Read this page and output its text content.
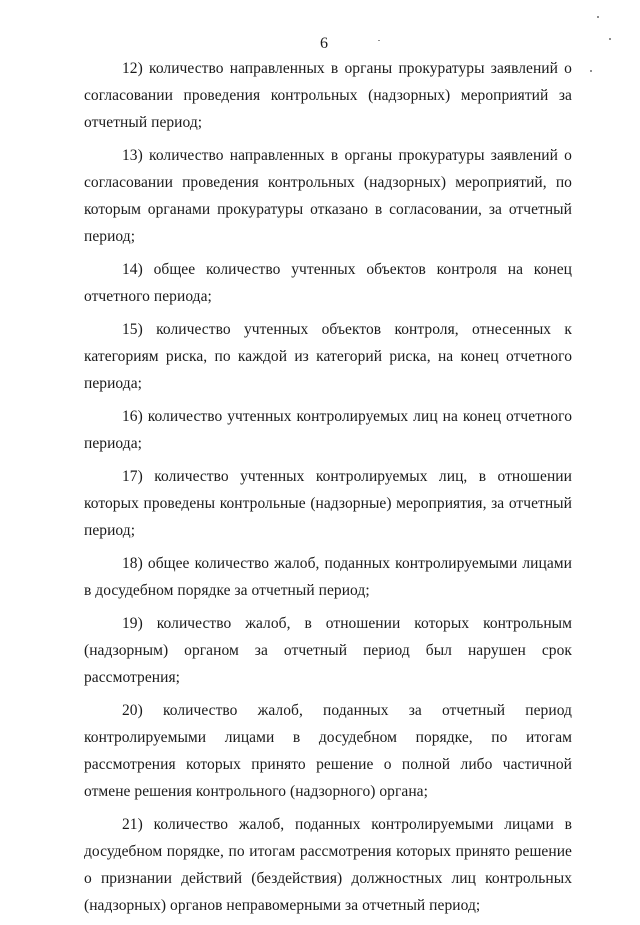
6

12) количество направленных в органы прокуратуры заявлений о согласовании проведения контрольных (надзорных) мероприятий за отчетный период;

13) количество направленных в органы прокуратуры заявлений о согласовании проведения контрольных (надзорных) мероприятий, по которым органами прокуратуры отказано в согласовании, за отчетный период;

14) общее количество учтенных объектов контроля на конец отчетного периода;

15) количество учтенных объектов контроля, отнесенных к категориям риска, по каждой из категорий риска, на конец отчетного периода;

16) количество учтенных контролируемых лиц на конец отчетного периода;

17) количество учтенных контролируемых лиц, в отношении которых проведены контрольные (надзорные) мероприятия, за отчетный период;

18) общее количество жалоб, поданных контролируемыми лицами в досудебном порядке за отчетный период;

19) количество жалоб, в отношении которых контрольным (надзорным) органом за отчетный период был нарушен срок рассмотрения;

20) количество жалоб, поданных за отчетный период контролируемыми лицами в досудебном порядке, по итогам рассмотрения которых принято решение о полной либо частичной отмене решения контрольного (надзорного) органа;

21) количество жалоб, поданных контролируемыми лицами в досудебном порядке, по итогам рассмотрения которых принято решение о признании действий (бездействия) должностных лиц контрольных (надзорных) органов неправомерными за отчетный период;
